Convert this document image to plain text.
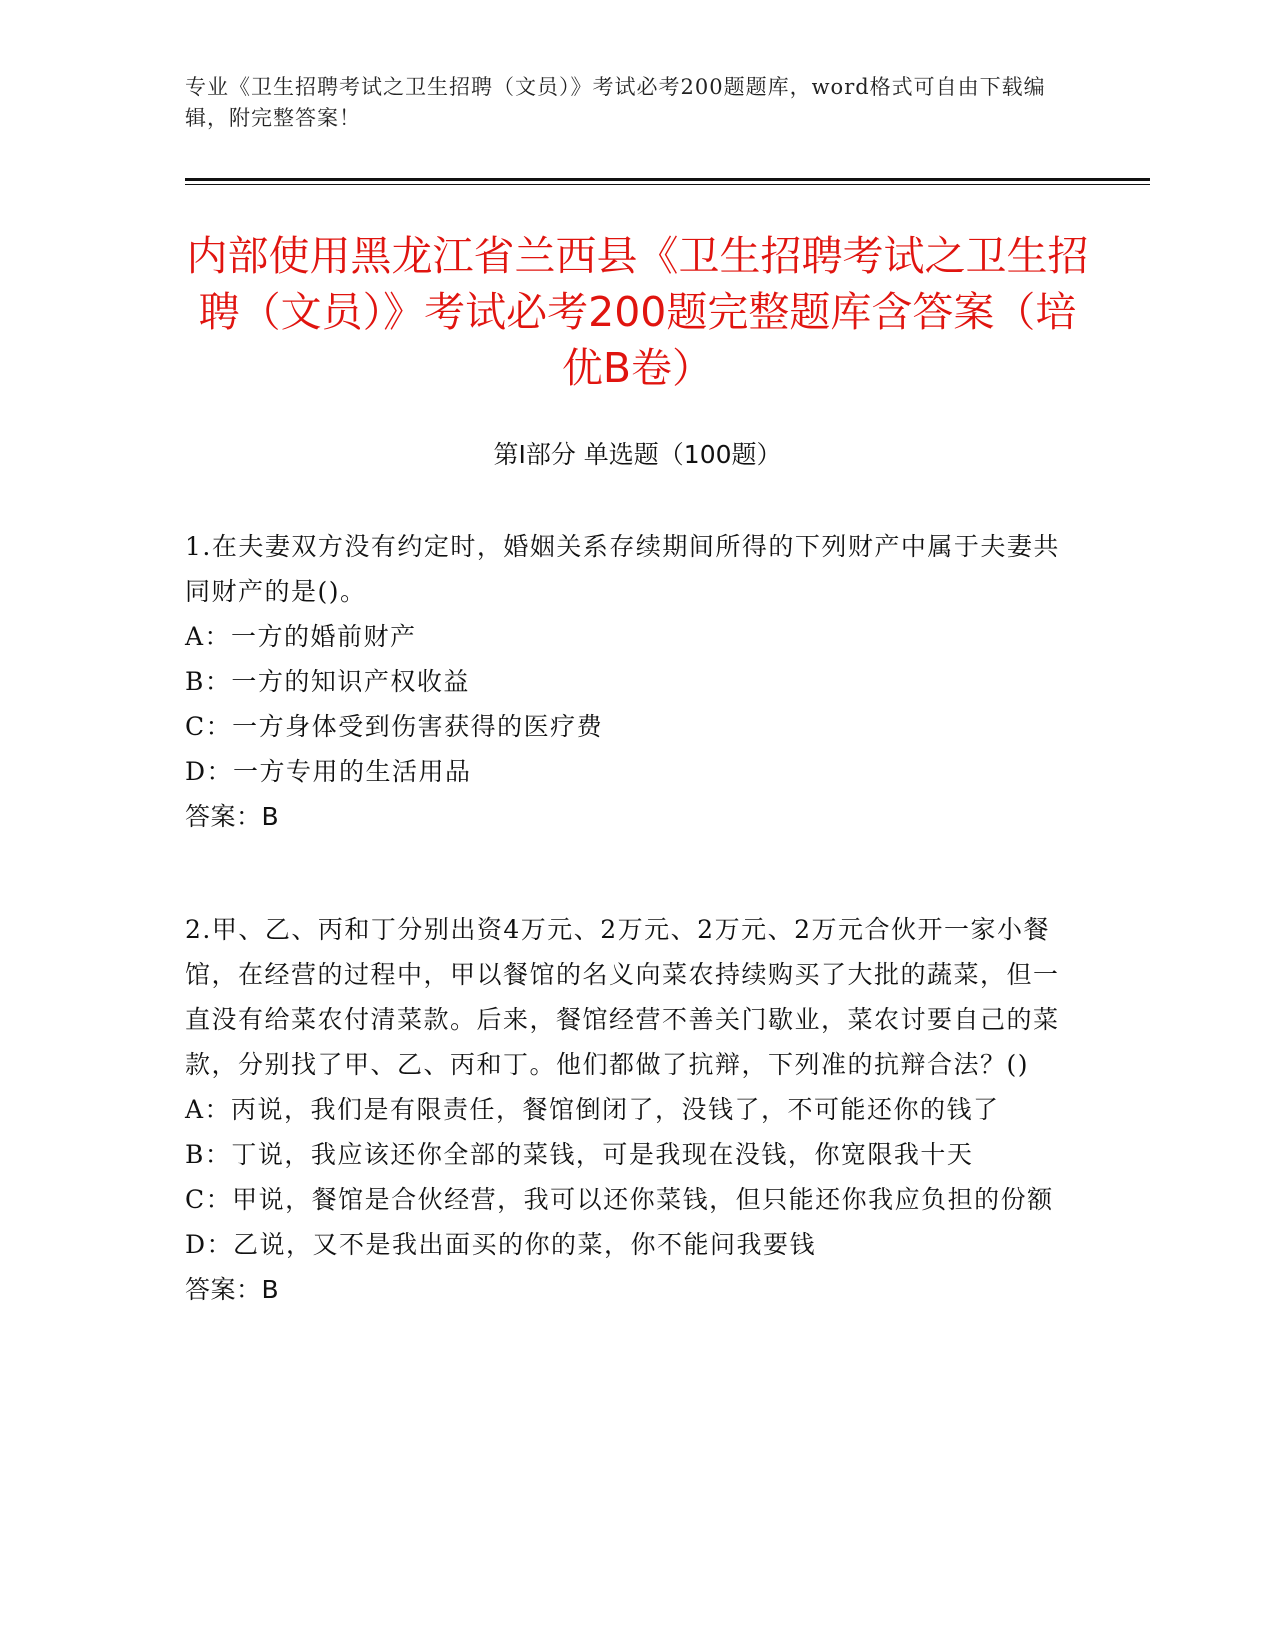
专业《卫生招聘考试之卫生招聘（文员）》考试必考200题题库，word格式可自由下载编辑，附完整答案！
内部使用黑龙江省兰西县《卫生招聘考试之卫生招聘（文员）》考试必考200题完整题库含答案（培优B卷）
第Ⅰ部分 单选题（100题）

1.在夫妻双方没有约定时，婚姻关系存续期间所得的下列财产中属于夫妻共同财产的是()。

A：一方的婚前财产

B：一方的知识产权收益

C：一方身体受到伤害获得的医疗费

D：一方专用的生活用品

答案：B

2.甲、乙、丙和丁分别出资4万元、2万元、2万元、2万元合伙开一家小餐馆，在经营的过程中，甲以餐馆的名义向菜农持续购买了大批的蔬菜，但一直没有给菜农付清菜款。后来，餐馆经营不善关门歇业，菜农讨要自己的菜款，分别找了甲、乙、丙和丁。他们都做了抗辩，下列准的抗辩合法？()

A：丙说，我们是有限责任，餐馆倒闭了，没钱了，不可能还你的钱了

B：丁说，我应该还你全部的菜钱，可是我现在没钱，你宽限我十天

C：甲说，餐馆是合伙经营，我可以还你菜钱，但只能还你我应负担的份额

D：乙说，又不是我出面买的你的菜，你不能问我要钱

答案：B
